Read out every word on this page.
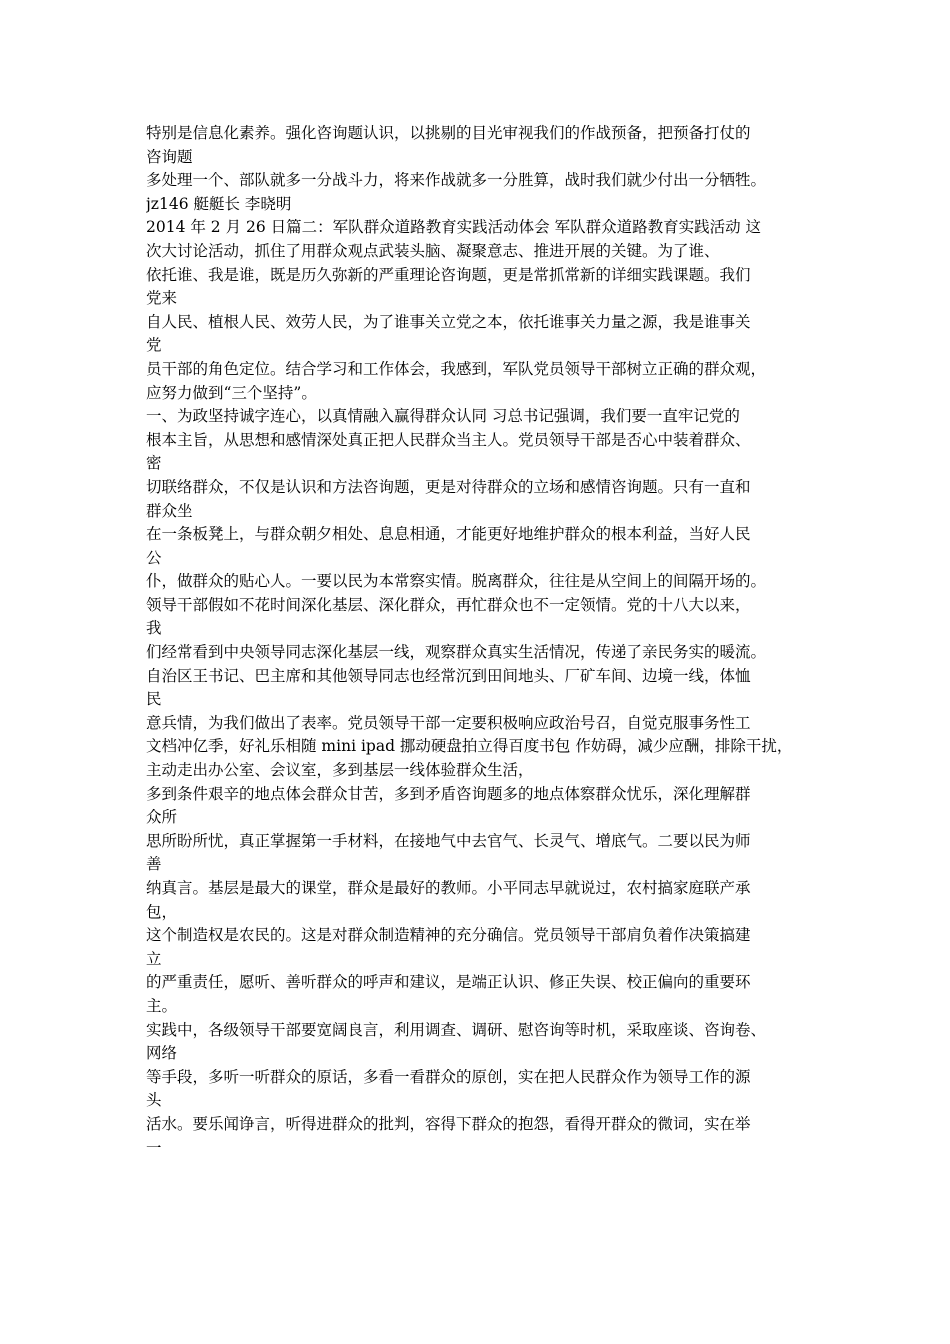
特别是信息化素养。强化咨询题认识，以挑剔的目光审视我们的作战预备，把预备打仗的
咨询题
多处理一个、部队就多一分战斗力，将来作战就多一分胜算，战时我们就少付出一分牺牲。
jz146 艇艇长 李晓明
2014 年 2 月 26 日篇二：军队群众道路教育实践活动体会 军队群众道路教育实践活动 这
次大讨论活动，抓住了用群众观点武装头脑、凝聚意志、推进开展的关键。为了谁、
依托谁、我是谁，既是历久弥新的严重理论咨询题，更是常抓常新的详细实践课题。我们
党来
自人民、植根人民、效劳人民，为了谁事关立党之本，依托谁事关力量之源，我是谁事关
党
员干部的角色定位。结合学习和工作体会，我感到，军队党员领导干部树立正确的群众观，
应努力做到“三个坚持”。
一、为政坚持诚字连心，以真情融入赢得群众认同 习总书记强调，我们要一直牢记党的
根本主旨，从思想和感情深处真正把人民群众当主人。党员领导干部是否心中装着群众、
密
切联络群众，不仅是认识和方法咨询题，更是对待群众的立场和感情咨询题。只有一直和
群众坐
在一条板凳上，与群众朝夕相处、息息相通，才能更好地维护群众的根本利益，当好人民
公
仆，做群众的贴心人。一要以民为本常察实情。脱离群众，往往是从空间上的间隔开场的。
领导干部假如不花时间深化基层、深化群众，再忙群众也不一定领情。党的十八大以来，
我
们经常看到中央领导同志深化基层一线，观察群众真实生活情况，传递了亲民务实的暖流。
自治区王书记、巴主席和其他领导同志也经常沉到田间地头、厂矿车间、边境一线，体恤
民
意兵情，为我们做出了表率。党员领导干部一定要积极响应政治号召，自觉克服事务性工
文档冲亿季，好礼乐相随 mini ipad 挪动硬盘拍立得百度书包 作妨碍，减少应酬，排除干扰，
主动走出办公室、会议室，多到基层一线体验群众生活，
多到条件艰辛的地点体会群众甘苦，多到矛盾咨询题多的地点体察群众忧乐，深化理解群
众所
思所盼所忧，真正掌握第一手材料，在接地气中去官气、长灵气、增底气。二要以民为师
善
纳真言。基层是最大的课堂，群众是最好的教师。小平同志早就说过，农村搞家庭联产承
包，
这个制造权是农民的。这是对群众制造精神的充分确信。党员领导干部肩负着作决策搞建
立
的严重责任，愿听、善听群众的呼声和建议，是端正认识、修正失误、校正偏向的重要环
主。
实践中，各级领导干部要宽阔良言，利用调查、调研、慰咨询等时机，采取座谈、咨询卷、
网络
等手段，多听一听群众的原话，多看一看群众的原创，实在把人民群众作为领导工作的源
头
活水。要乐闻诤言，听得进群众的批判，容得下群众的抱怨，看得开群众的微词，实在举
一
